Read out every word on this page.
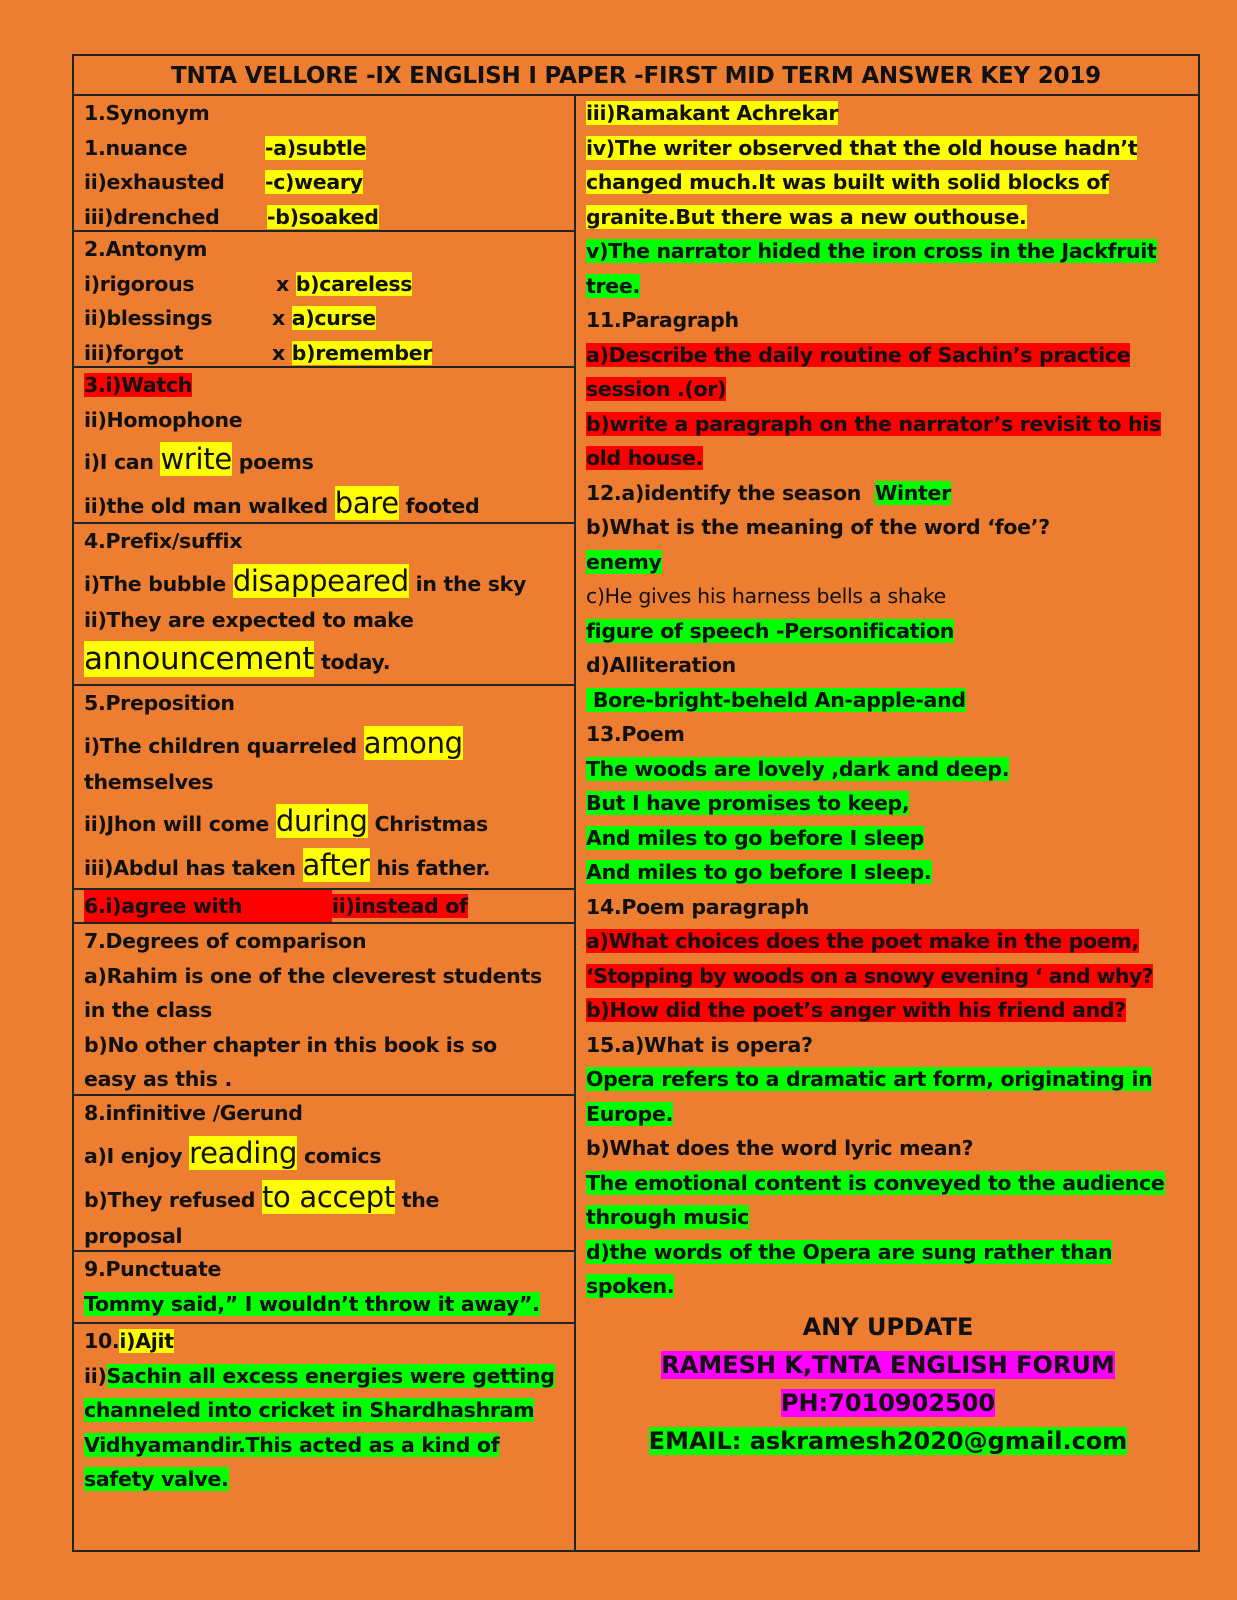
TNTA VELLORE -IX ENGLISH I PAPER -FIRST MID TERM ANSWER KEY 2019
1.Synonym
1.nuance	-a)subtle
ii)exhausted -c)weary
iii)drenched -b)soaked
2.Antonym
i)rigorous	x b)careless
ii)blessings	x a)curse
iii)forgot	x b)remember
3.i)Watch
ii)Homophone
i)I can write poems
ii)the old man walked bare footed
4.Prefix/suffix
i)The bubble disappeared in the sky
ii)They are expected to make
announcement today.
5.Preposition
i)The children quarreled among
themselves
ii)Jhon will come during Christmas
iii)Abdul has taken after his father.
6.i)agree with	ii)instead of
7.Degrees of comparison
a)Rahim is one of the cleverest students
in the class
b)No other chapter in this book is so
easy as this .
8.infinitive /Gerund
a)I enjoy reading comics
b)They refused to accept the
proposal
9.Punctuate
Tommy said,” I wouldn’t throw it away”.
10.i)Ajit
ii)Sachin all excess energies were getting
channeled into cricket in Shardhashram
Vidhyamandir.This acted as a kind of
safety valve.
iii)Ramakant Achrekar
iv)The writer observed that the old house hadn’t
changed much.It was built with solid blocks of
granite.But there was a new outhouse.
v)The narrator hided the iron cross in the Jackfruit
tree.
11.Paragraph
a)Describe the daily routine of Sachin’s practice
session .(or)
b)write a paragraph on the narrator’s revisit to his
old house.
12.a)identify the season Winter
b)What is the meaning of the word ‘foe’?
enemy
c)He gives his harness bells a shake
figure of speech -Personification
d)Alliteration
Bore-bright-beheld An-apple-and
13.Poem
The woods are lovely ,dark and deep.
But I have promises to keep,
And miles to go before I sleep
And miles to go before I sleep.
14.Poem paragraph
a)What choices does the poet make in the poem,
‘Stopping by woods on a snowy evening ‘ and why?
b)How did the poet’s anger with his friend and?
15.a)What is opera?
Opera refers to a dramatic art form, originating in
Europe.
b)What does the word lyric mean?
The emotional content is conveyed to the audience
through music
d)the words of the Opera are sung rather than
spoken.
ANY UPDATE
RAMESH K,TNTA ENGLISH FORUM
PH:7010902500
EMAIL: askramesh2020@gmail.com
